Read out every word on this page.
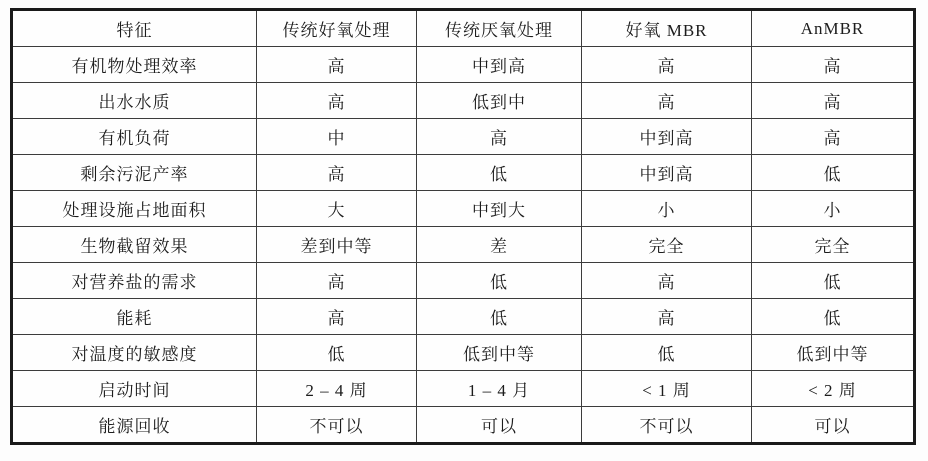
特征	传统好氧处理	传统厌氧处理	好氧 MBR	AnMBR
有机物处理效率	高	中到高	高	高
出水水质	高	低到中	高	高
有机负荷	中	高	中到高	高
剩余污泥产率	高	低	中到高	低
处理设施占地面积	大	中到大	小	小
生物截留效果	差到中等	差	完全	完全
对营养盐的需求	高	低	高	低
能耗	高	低	高	低
对温度的敏感度	低	低到中等	低	低到中等
启动时间	2 – 4 周	1 – 4 月	< 1 周	< 2 周
能源回收	不可以	可以	不可以	可以
